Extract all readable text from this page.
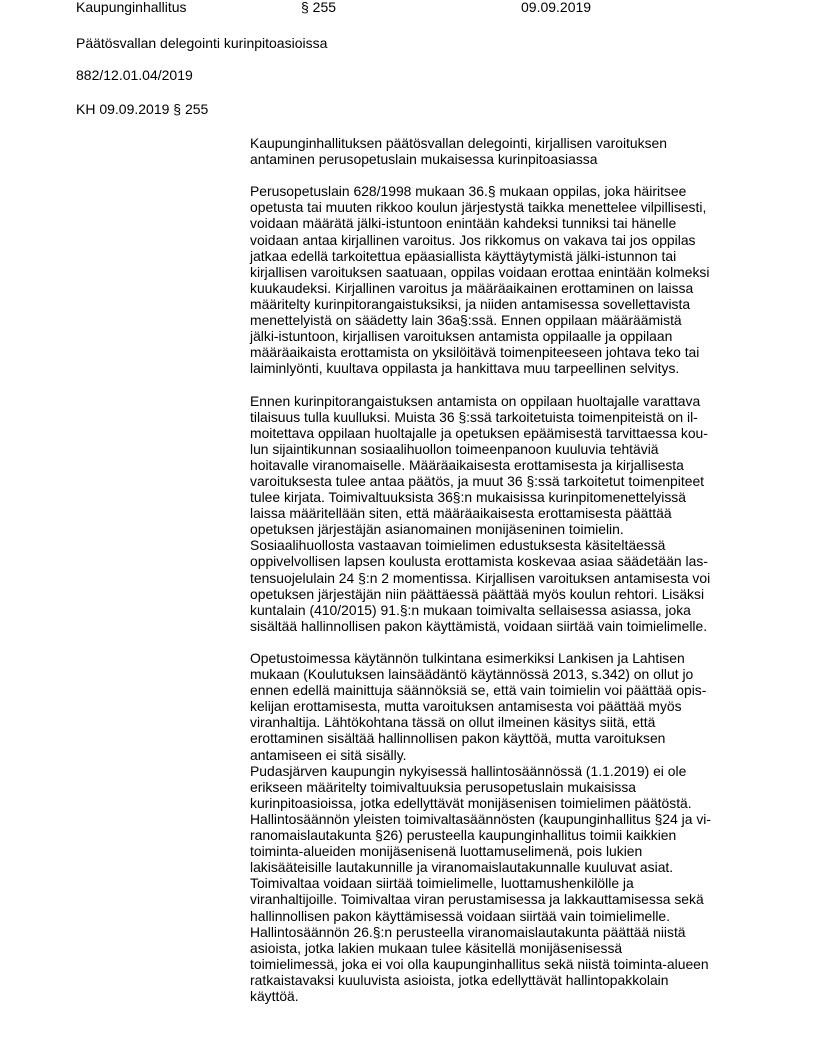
Kaupunginhallitus	§ 255	09.09.2019
Päätösvallan delegointi kurinpitoasioissa
882/12.01.04/2019
KH 09.09.2019 § 255
Kaupunginhallituksen päätösvallan delegointi, kirjallisen varoituksen
antaminen perusopetuslain mukaisessa kurinpitoasiassa
Perusopetuslain 628/1998 mukaan 36.§ mukaan oppilas, joka häiritsee
opetusta tai muuten rikkoo koulun järjestystä taikka menettelee vilpillisesti,
voidaan määrätä jälki-istuntoon enintään kahdeksi tunniksi tai hänelle
voidaan antaa kirjallinen varoitus. Jos rikkomus on vakava tai jos oppilas
jatkaa edellä tarkoitettua epäasiallista käyttäytymistä jälki-istunnon tai
kirjallisen varoituksen saatuaan, oppilas voidaan erottaa enintään kolmeksi
kuukaudeksi. Kirjallinen varoitus ja määräaikainen erottaminen on laissa
määritelty kurinpitorangaistuksiksi, ja niiden antamisessa sovellettavista
menettelyistä on säädetty lain 36a§:ssä. Ennen oppilaan määräämistä
jälki-istuntoon, kirjallisen varoituksen antamista oppilaalle ja oppilaan
määräaikaista erottamista on yksilöitävä toimenpiteeseen johtava teko tai
laiminlyönti, kuultava oppilasta ja hankittava muu tarpeellinen selvitys.
Ennen kurinpitorangaistuksen antamista on oppilaan huoltajalle varattava
tilaisuus tulla kuulluksi. Muista 36 §:ssä tarkoitetuista toimenpiteistä on il-
moitettava oppilaan huoltajalle ja opetuksen epäämisestä tarvittaessa kou-
lun sijaintikunnan sosiaalihuollon toimeenpanoon kuuluvia tehtäviä
hoitavalle viranomaiselle. Määräaikaisesta erottamisesta ja kirjallisesta
varoituksesta tulee antaa päätös, ja muut 36 §:ssä tarkoitetut toimenpiteet
tulee kirjata. Toimivaltuuksista 36§:n mukaisissa kurinpitomenettelyissä
laissa määritellään siten, että määräaikaisesta erottamisesta päättää
opetuksen järjestäjän asianomainen monijäseninen toimielin.
Sosiaalihuollosta vastaavan toimielimen edustuksesta käsiteltäessä
oppivelvollisen lapsen koulusta erottamista koskevaa asiaa säädetään las-
tensuojelulain 24 §:n 2 momentissa. Kirjallisen varoituksen antamisesta voi
opetuksen järjestäjän niin päättäessä päättää myös koulun rehtori. Lisäksi
kuntalain (410/2015) 91.§:n mukaan toimivalta sellaisessa asiassa, joka
sisältää hallinnollisen pakon käyttämistä, voidaan siirtää vain toimielimelle.
Opetustoimessa käytännön tulkintana esimerkiksi Lankisen ja Lahtisen
mukaan (Koulutuksen lainsäädäntö käytännössä 2013, s.342) on ollut jo
ennen edellä mainittuja säännöksiä se, että vain toimielin voi päättää opis-
kelijan erottamisesta, mutta varoituksen antamisesta voi päättää myös
viranhaltija. Lähtökohtana tässä on ollut ilmeinen käsitys siitä, että
erottaminen sisältää hallinnollisen pakon käyttöä, mutta varoituksen
antamiseen ei sitä sisälly.
Pudasjärven kaupungin nykyisessä hallintosäännössä (1.1.2019) ei ole
erikseen määritelty toimivaltuuksia perusopetuslain mukaisissa
kurinpitoasioissa, jotka edellyttävät monijäsenisen toimielimen päätöstä.
Hallintosäännön yleisten toimivaltasäännösten (kaupunginhallitus §24 ja vi-
ranomaislautakunta §26) perusteella kaupunginhallitus toimii kaikkien
toiminta-alueiden monijäsenisenä luottamuselimenä, pois lukien
lakisääteisille lautakunnille ja viranomaislautakunnalle kuuluvat asiat.
Toimivaltaa voidaan siirtää toimielimelle, luottamushenkilölle ja
viranhaltijoille. Toimivaltaa viran perustamisessa ja lakkauttamisessa sekä
hallinnollisen pakon käyttämisessä voidaan siirtää vain toimielimelle.
Hallintosäännön 26.§:n perusteella viranomaislautakunta päättää niistä
asioista, jotka lakien mukaan tulee käsitellä monijäsenisessä
toimielimessä, joka ei voi olla kaupunginhallitus sekä niistä toiminta-alueen
ratkaistavaksi kuuluvista asioista, jotka edellyttävät hallintopakkolain
käyttöä.
